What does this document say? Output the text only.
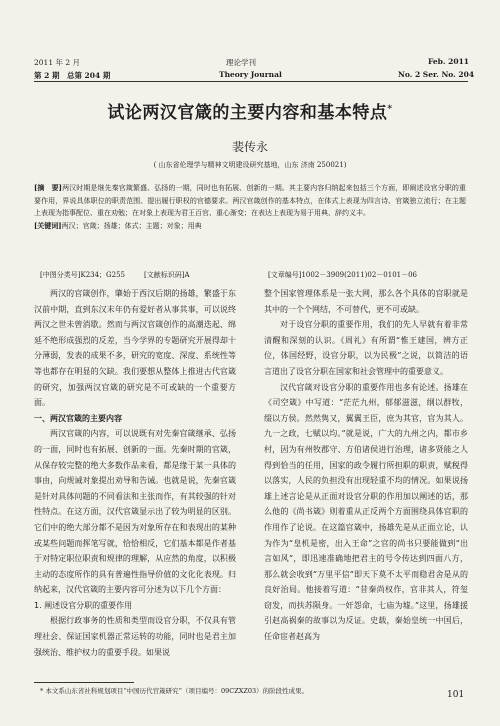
2011 年 2 月	理论学刊	Feb. 2011
第 2 期　总第 204 期	Theory Journal	No. 2 Ser. No. 204
试论两汉官箴的主要内容和基本特点*
裴传永
( 山东省伦理学与精神文明建设研究基地，山东 济南 250021)
[摘　要]两汉时期是继先秦官箴繁盛、弘扬的一期，同时也有拓展、创新的一期。其主要内容归纳起来包括三个方面，即阐述设官分职的重要作用，界说具体职位的职责范围、提出履行职权的官德要求。两汉官箴创作的基本特点，在体式上表现为四言诗、官箴独立流行；在主题上表现为指事配位、重在劝勉；在对象上表现为君王百官、重心渐变；在表达上表现为易于用典、辞约义丰。
[关键词]两汉；官箴；扬雄；体式；主题；对象；用典
[中图分类号]K234；G255	[文献标识码]A	[文章编号]1002－3909(2011)02－0101－06

两汉的官箴创作，肇始于西汉后期的扬雄，繁盛于东汉前中期，直到东汉末年仍有爱好者从事其事，可以说终两汉之世未曾消歇。然而与两汉官箴创作的高潮迭起、绵延不绝形成强烈的反差，当今学界的专题研究开展得却十分薄弱，发表的成果不多，研究的宽度、深度、系统性等等也都存在明显的欠缺。我们要想从整体上推进古代官箴的研究，加强两汉官箴的研究是不可或缺的一个重要方面。

一、两汉官箴的主要内容

两汉官箴的内容，可以说既有对先秦官箴继承、弘扬的一面，同时也有拓展、创新的一面。先秦时期的官箴，从保存较完整的绝大多数作品来看，都是缘于某一具体的事由，向规诫对象提出劝导和告诫。也就是说，先秦官箴是针对具体问题的不同看法和主张而作，有其较强的针对性特点。在这方面，汉代官箴显示出了较为明显的区别。它们中的绝大部分都不是因为对象所存在和表现出的某种或某些问题而挥笔写就，恰恰相反，它们基本都是作者基于对特定职位职责和规律的理解，从应然的角度，以积极主动的态度所作的具有普遍性指导价值的文化化表现。归纳起来，汉代官箴的主要内容可分述为以下几个方面：

1. 阐述设官分职的重要作用

根据行政事务的性质和类型而设官分职，不仅具有管理社会、保证国家机器正常运转的功能，同时也是君主加强统治、维护权力的重要手段。如果说

整个国家管理体系是一张大网，那么各个具体的官职就是其中的一个个网结，不可替代，更不可或缺。

对于设官分职的重要作用，我们的先人早就有着非常清醒和深刻的认识。《周礼》有所谓“惟王建国，辨方正位，体国经野，设官分职，以为民极”之说，以简洁的语言道出了设官分职在国家和社会管理中的重要意义。

汉代官箴对设官分职的重要作用也多有论述。扬雄在《司空箴》中写道：“茫茫九州，郁郁滋滋，纲以群牧，缀以方侯。然然隽又，翼翼王臣，庶为其官，官为其人。九一之政，七赋以均。”就是说，广大的九州之内，都市乡村，因为有州牧郡守、方伯诸侯进行治理，诸多贤能之人得到恰当的任用，国家的政令履行所担职的职责，赋税得以落实，人民的负担没有出现轻重不均的情况。如果说扬雄上述言论是从正面对设官分职的作用加以阐述的话，那么他的《尚书箴》则着重从正反两个方面围绕具体官职的作用作了论说。在这篇官箴中，扬雄先是从正面立论，认为作为“皇机是密，出入王命”之官的尚书只要能做到“出言如风”，即迅速准确地把君主的号令传达到四面八方，那么就会收到“万里平信”即天下莫不太平而稳君舍是从的良好治局。他接着写道：“昔秦尚权作，官非其人，符玺窃发，而扶苏陨身。一奸怨命，七庙为墟。”这里，扬雄援引赵高祸秦的故事以为反证。史载，秦始皇统一中国后，任命宦者赵高为

* 本文系山东省社科规划项目“中国历代官箴研究”（项目编号：09CZXZ03）的阶段性成果。	101
